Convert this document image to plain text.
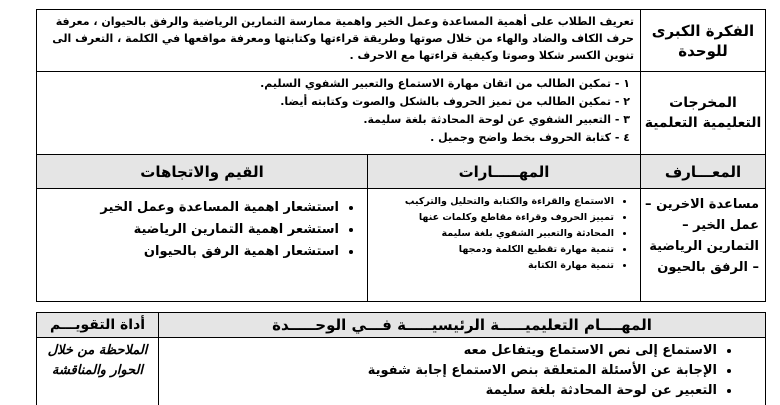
الفكرة الكبرى للوحدة
تعريف الطلاب على أهمية المساعدة وعمل الخير واهمية ممارسة التمارين الرياضية والرفق بالحيوان ، معرفة حرف الكاف والضاد والهاء من خلال صوتها وطريقة قراءتها وكتابتها ومعرفة مواقعها في الكلمة ، التعرف الى تنوين الكسر شكلا وصوتا وكيفية قراءتها مع الاحرف .
المخرجات التعليمية التعلمية
١ - تمكين الطالب من اتقان مهارة الاستماع والتعبير الشفوي السليم.
٢ - تمكين الطالب من تميز الحروف بالشكل والصوت وكتابته أيضا.
٣ - التعبير الشفوي عن لوحة المحادثة بلغة سليمة.
٤ - كتابة الحروف بخط واضح وجميل .
المعـــارف
المهـــــارات
القيم والاتجاهات
مساعدة الاخرين – عمل الخير – التمارين الرياضية – الرفق بالحيون
• الاستماع والقراءة والكتابة والتحليل والتركيب
• تمييز الحروف وقراءة مقاطع وكلمات عنها
• المحادثة والتعبير الشفوي بلغة سليمة
• تنمية مهارة تقطيع الكلمة ودمجها
• تنمية مهارة الكتابة
• استشعار اهمية المساعدة وعمل الخير
• استشعر اهمية التمارين الرياضية
• استشعار اهمية الرفق بالحيوان
المهــــام التعليميـــــة الرئيسيـــــة فـــي الوحـــــدة
أداة التقويـــم
• الاستماع إلى نص الاستماع ويتفاعل معه
• الإجابة عن الأسئلة المتعلقة بنص الاستماع إجابة شفوية
• التعبير عن لوحة المحادثة بلغة سليمة
الملاحظة من خلال الحوار والمناقشة
